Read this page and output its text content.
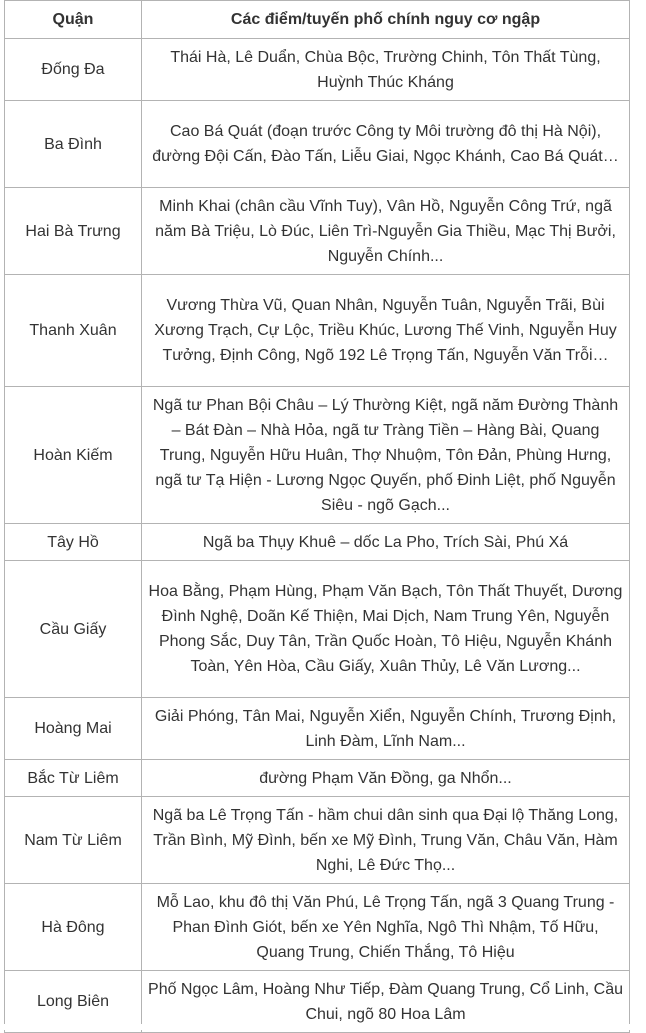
Quận	Các điểm/tuyến phố chính nguy cơ ngập
Đống Đa	Thái Hà, Lê Duẩn, Chùa Bộc, Trường Chinh, Tôn Thất Tùng, Huỳnh Thúc Kháng
Ba Đình	Cao Bá Quát (đoạn trước Công ty Môi trường đô thị Hà Nội), đường Đội Cấn, Đào Tấn, Liễu Giai, Ngọc Khánh, Cao Bá Quát…
Hai Bà Trưng	Minh Khai (chân cầu Vĩnh Tuy), Vân Hồ, Nguyễn Công Trứ, ngã năm Bà Triệu, Lò Đúc, Liên Trì-Nguyễn Gia Thiều, Mạc Thị Bưởi, Nguyễn Chính...
Thanh Xuân	Vương Thừa Vũ, Quan Nhân, Nguyễn Tuân, Nguyễn Trãi, Bùi Xương Trạch, Cự Lộc, Triều Khúc, Lương Thế Vinh, Nguyễn Huy Tưởng, Định Công, Ngõ 192 Lê Trọng Tấn, Nguyễn Văn Trỗi…
Hoàn Kiếm	Ngã tư Phan Bội Châu – Lý Thường Kiệt, ngã năm Đường Thành – Bát Đàn – Nhà Hỏa, ngã tư Tràng Tiền – Hàng Bài, Quang Trung, Nguyễn Hữu Huân, Thợ Nhuộm, Tôn Đản, Phùng Hưng, ngã tư Tạ Hiện - Lương Ngọc Quyến, phố Đinh Liệt, phố Nguyễn Siêu - ngõ Gạch...
Tây Hồ	Ngã ba Thụy Khuê – dốc La Pho, Trích Sài, Phú Xá
Cầu Giấy	Hoa Bằng, Phạm Hùng, Phạm Văn Bạch, Tôn Thất Thuyết, Dương Đình Nghệ, Doãn Kế Thiện, Mai Dịch, Nam Trung Yên, Nguyễn Phong Sắc, Duy Tân, Trần Quốc Hoàn, Tô Hiệu, Nguyễn Khánh Toàn, Yên Hòa, Cầu Giấy, Xuân Thủy, Lê Văn Lương...
Hoàng Mai	Giải Phóng, Tân Mai, Nguyễn Xiển, Nguyễn Chính, Trương Định, Linh Đàm, Lĩnh Nam...
Bắc Từ Liêm	đường Phạm Văn Đồng, ga Nhổn...
Nam Từ Liêm	Ngã ba Lê Trọng Tấn - hầm chui dân sinh qua Đại lộ Thăng Long, Trần Bình, Mỹ Đình, bến xe Mỹ Đình, Trung Văn, Châu Văn, Hàm Nghi, Lê Đức Thọ...
Hà Đông	Mỗ Lao, khu đô thị Văn Phú, Lê Trọng Tấn, ngã 3 Quang Trung - Phan Đình Giót, bến xe Yên Nghĩa, Ngô Thì Nhậm, Tố Hữu, Quang Trung, Chiến Thắng, Tô Hiệu
Long Biên	Phố Ngọc Lâm, Hoàng Như Tiếp, Đàm Quang Trung, Cổ Linh, Cầu Chui, ngõ 80 Hoa Lâm
